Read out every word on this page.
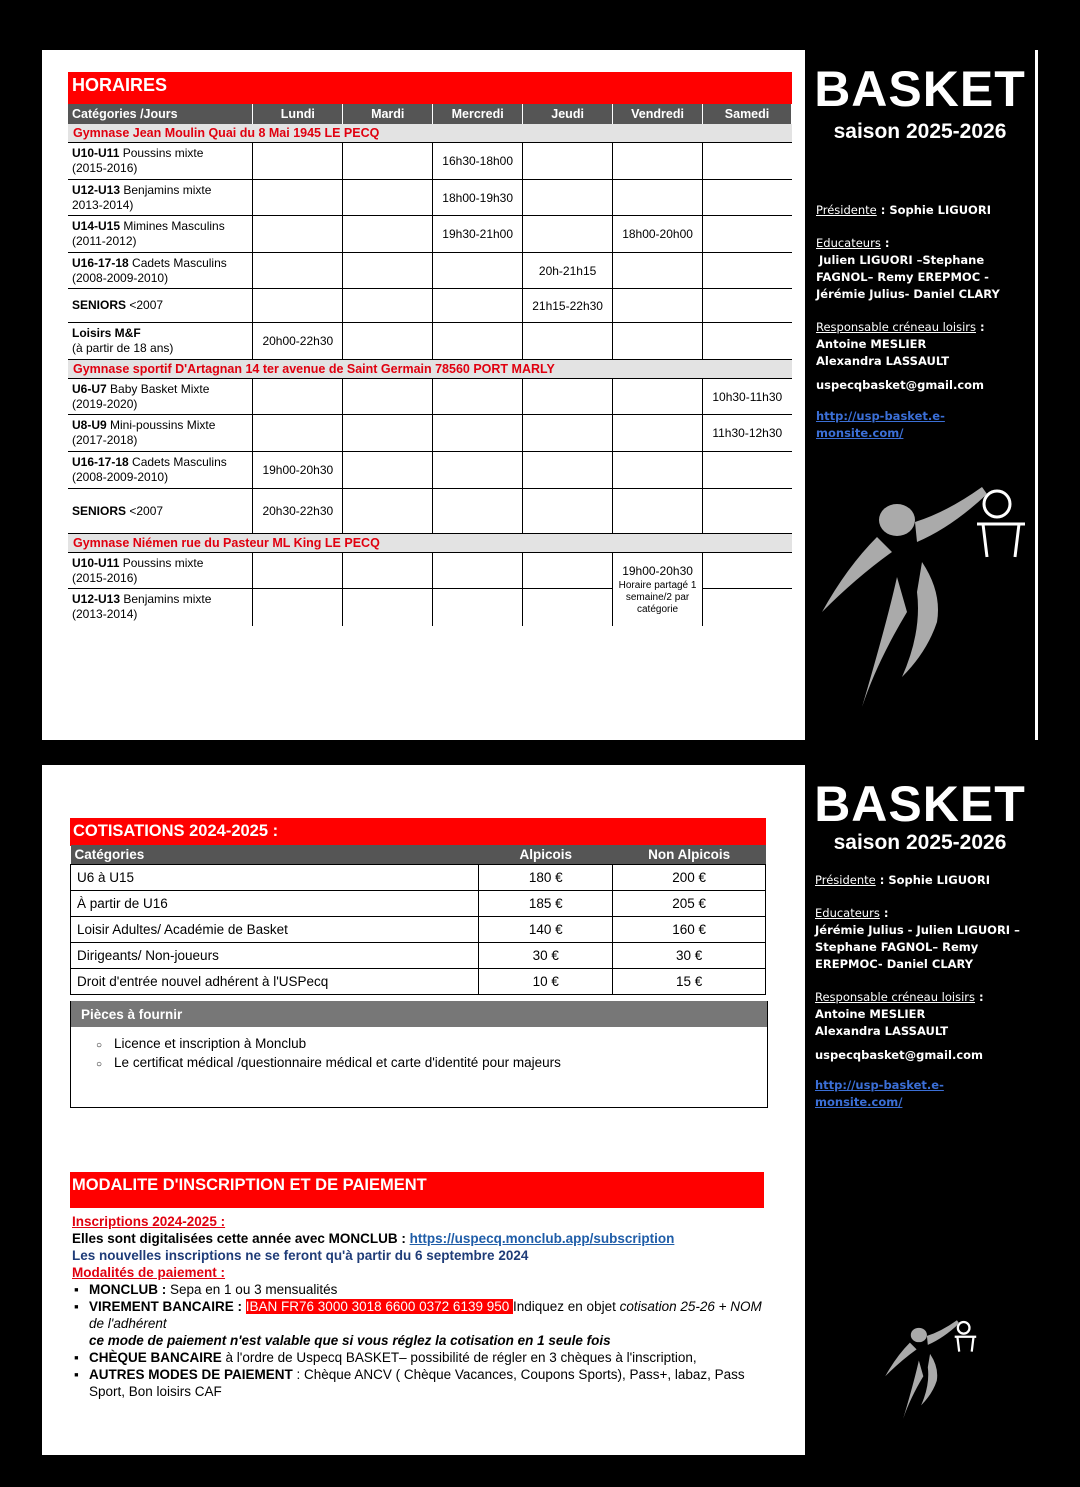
HORAIRES
Catégories /Jours	Lundi	Mardi	Mercredi	Jeudi	Vendredi	Samedi
Gymnase Jean Moulin Quai du 8 Mai 1945 LE PECQ						
U10-U11 Poussins mixte
(2015-2016)			16h30-18h00			
U12-U13 Benjamins mixte
2013-2014)			18h00-19h30			
U14-U15 Mimines Masculins
(2011-2012)			19h30-21h00		18h00-20h00	
U16-17-18 Cadets Masculins
(2008-2009-2010)				20h-21h15		
SENIORS <2007				21h15-22h30		
Loisirs M&F
(à partir de 18 ans)	20h00-22h30					
Gymnase sportif D'Artagnan 14 ter avenue de Saint Germain 78560 PORT MARLY						
U6-U7 Baby Basket Mixte
(2019-2020)						10h30-11h30
U8-U9 Mini-poussins Mixte
(2017-2018)						11h30-12h30
U16-17-18 Cadets Masculins
(2008-2009-2010)	19h00-20h30					
SENIORS <2007	20h30-22h30					
Gymnase Niémen rue du Pasteur ML King LE PECQ						
U10-U11 Poussins mixte
(2015-2016)					19h00-20h30	
U12-U13 Benjamins mixte
(2013-2014)					Horaire partagé 1 semaine/2 par catégorie	

BASKET
saison 2025-2026
Présidente : Sophie LIGUORI
Educateurs :
Julien LIGUORI –Stephane FAGNOL– Remy EREPMOC - Jérémie Julius- Daniel CLARY
Responsable créneau loisirs :
Antoine MESLIER
Alexandra LASSAULT
uspecqbasket@gmail.com
http://usp-basket.e-monsite.com/
COTISATIONS 2024-2025 :
Catégories	Alpicois	Non Alpicois
U6 à U15	180 €	200 €
À partir de U16	185 €	205 €
Loisir Adultes/ Académie de Basket	140 €	160 €
Dirigeants/ Non-joueurs	30 €	30 €
Droit d'entrée nouvel adhérent à l'USPecq	10 €	15 €
Pièces à fournir
○ Licence et inscription à Monclub
○ Le certificat médical /questionnaire médical et carte d'identité pour majeurs
MODALITE D'INSCRIPTION ET DE PAIEMENT
Inscriptions 2024-2025 :
Elles sont digitalisées cette année avec MONCLUB : https://uspecq.monclub.app/subscription
Les nouvelles inscriptions ne se feront qu'à partir du 6 septembre 2024
Modalités de paiement :
▪ MONCLUB : Sepa en 1 ou 3 mensualités
▪ VIREMENT BANCAIRE : IBAN FR76 3000 3018 6600 0372 6139 950 Indiquez en objet cotisation 25-26 + NOM de l'adhérent
ce mode de paiement n'est valable que si vous réglez la cotisation en 1 seule fois
▪ CHÈQUE BANCAIRE à l'ordre de Uspecq BASKET– possibilité de régler en 3 chèques à l'inscription,
▪ AUTRES MODES DE PAIEMENT : Chèque ANCV ( Chèque Vacances, Coupons Sports), Pass+, labaz, Pass Sport, Bon loisirs CAF
BASKET
saison 2025-2026
Présidente : Sophie LIGUORI
Educateurs :
Jérémie Julius - Julien LIGUORI –Stephane FAGNOL– Remy EREPMOC- Daniel CLARY
Responsable créneau loisirs :
Antoine MESLIER
Alexandra LASSAULT
uspecqbasket@gmail.com
http://usp-basket.e-monsite.com/
